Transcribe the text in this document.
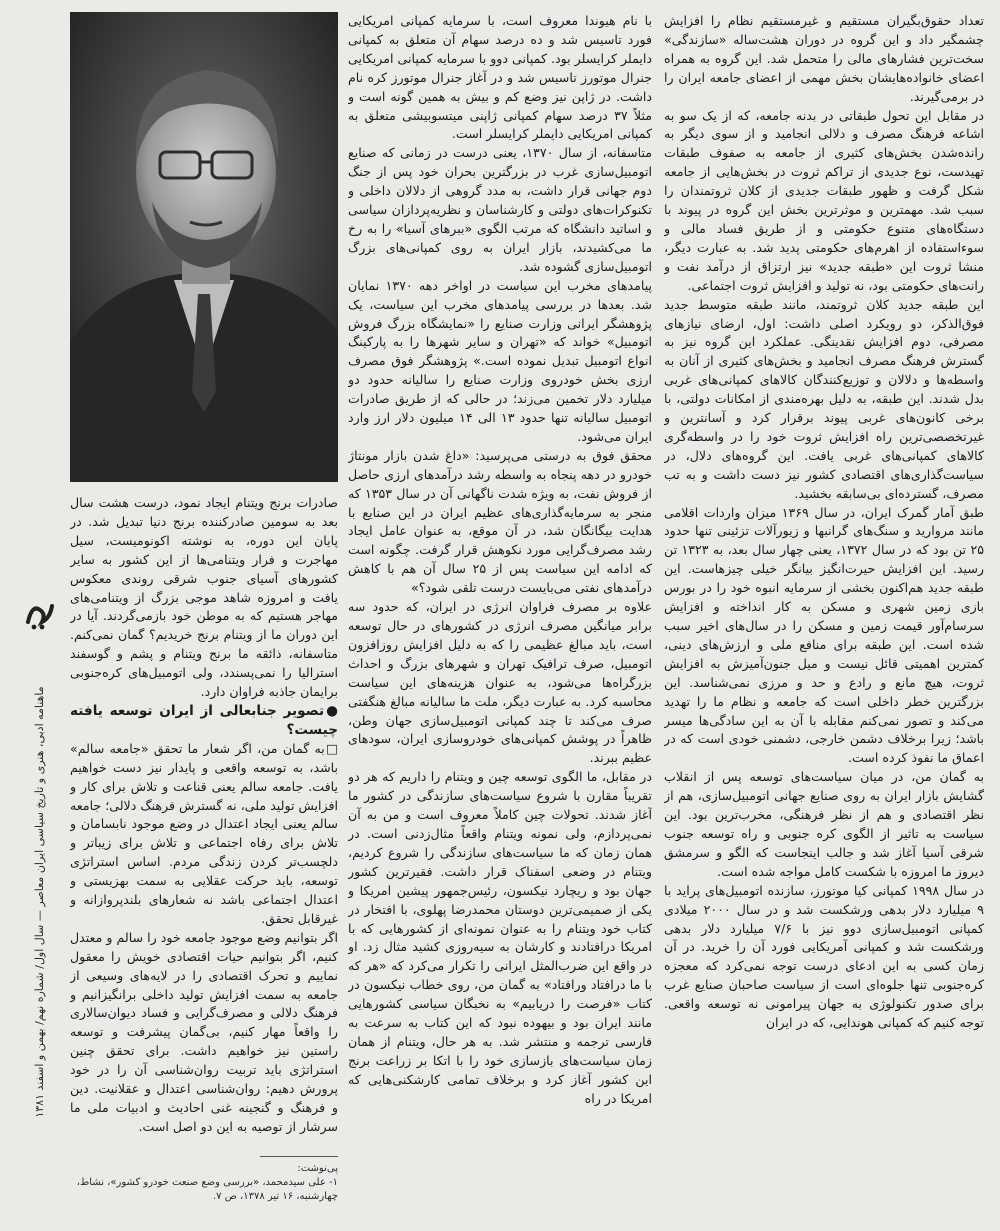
تعداد حقوق‌بگیران مستقیم و غیرمستقیم نظام را افزایش چشمگیر داد و این گروه در دوران هشت‌ساله «سازندگی» سخت‌ترین فشارهای مالی را متحمل شد. این گروه به همراه اعضای خانواده‌هایشان بخش مهمی از اعضای جامعه ایران را در برمی‌گیرند.

در مقابل این تحول طبقاتی در بدنه جامعه، که از یک سو به اشاعه فرهنگ مصرف و دلالی انجامید و از سوی دیگر به رانده‌شدن بخش‌های کثیری از جامعه به صفوف طبقات تهیدست، نوع جدیدی از تراکم ثروت در بخش‌هایی از جامعه شکل گرفت و ظهور طبقات جدیدی از کلان ثروتمندان را سبب شد. مهمترین و موثرترین بخش این گروه در پیوند با دستگاه‌های متنوع حکومتی و از طریق فساد مالی و سوءاستفاده از اهرم‌های حکومتی پدید شد. به عبارت دیگر، منشا ثروت این «طبقه جدید» نیز ارتزاق از درآمد نفت و رانت‌های حکومتی بود، نه تولید و افزایش ثروت اجتماعی.

این طبقه جدید کلان ثروتمند، مانند طبقه متوسط جدید فوق‌الذکر، دو رویکرد اصلی داشت: اول، ارضای نیازهای مصرفی، دوم افزایش نقدینگی. عملکرد این گروه نیز به گسترش فرهنگ مصرف انجامید و بخش‌های کثیری از آنان به واسطه‌ها و دلالان و توزیع‌کنندگان کالاهای کمپانی‌های غربی بدل شدند. این طبقه، به دلیل بهره‌مندی از امکانات دولتی، با برخی کانون‌های غربی پیوند برقرار کرد و آسانترین و غیرتخصصی‌ترین راه افزایش ثروت خود را در واسطه‌گری کالاهای کمپانی‌های غربی یافت. این گروه‌های دلال، در سیاست‌گذاری‌های اقتصادی کشور نیز دست داشت و به تب مصرف، گسترده‌ای بی‌سابقه بخشید.

طبق آمار گمرک ایران، در سال ۱۳۶۹ میزان واردات اقلامی مانند مروارید و سنگ‌های گرانبها و زیورآلات تزئینی تنها حدود ۲۵ تن بود که در سال ۱۳۷۲، یعنی چهار سال بعد، به ۱۳۲۳ تن رسید. این افزایش حیرت‌انگیز بیانگر خیلی چیزهاست. این طبقه جدید هم‌اکنون بخشی از سرمایه انبوه خود را در بورس بازی زمین شهری و مسکن به کار انداخته و افزایش سرسام‌آور قیمت زمین و مسکن را در سال‌های اخیر سبب شده است. این طبقه برای منافع ملی و ارزش‌های دینی، کمترین اهمیتی قائل نیست و میل جنون‌آمیزش به افزایش ثروت، هیچ مانع و رادع و حد و مرزی نمی‌شناسد. این بزرگترین خطر داخلی است که جامعه و نظام ما را تهدید می‌کند و تصور نمی‌کنم مقابله با آن به این سادگی‌ها میسر باشد؛ زیرا برخلاف دشمن خارجی، دشمنی خودی است که در اعماق ما نفوذ کرده است.

به گمان من، در میان سیاست‌های توسعه پس از انقلاب گشایش بازار ایران به روی صنایع جهانی اتومبیل‌سازی، هم از نظر اقتصادی و هم از نظر فرهنگی، مخرب‌ترین بود. این سیاست به تاثیر از الگوی کره جنوبی و راه توسعه جنوب شرقی آسیا آغاز شد و جالب اینجاست که الگو و سرمشق دیروز ما امروزه با شکست کامل مواجه شده است.

در سال ۱۹۹۸ کمپانی کیا موتورز، سازنده اتومبیل‌های پراید با ۹ میلیارد دلار بدهی ورشکست شد و در سال ۲۰۰۰ میلادی کمپانی اتومبیل‌سازی دوو نیز با ۷/۶ میلیارد دلار بدهی ورشکست شد و کمپانی آمریکایی فورد آن را خرید. در آن زمان کسی به این ادعای درست توجه نمی‌کرد که معجزه کره‌جنوبی تنها جلوه‌ای است از سیاست صاحبان صنایع غرب برای صدور تکنولوژی به جهان پیرامونی نه توسعه واقعی. توجه کنیم که کمپانی هوندایی، که در ایران

با نام هیوندا معروف است، با سرمایه کمپانی امریکایی فورد تاسیس شد و ده درصد سهام آن متعلق به کمپانی دایملر کرایسلر بود. کمپانی دوو با سرمایه کمپانی امریکایی جنرال موتورز تاسیس شد و در آغاز جنرال موتورز کره نام داشت. در ژاپن نیز وضع کم و بیش به همین گونه است و مثلاً ۳۷ درصد سهام کمپانی ژاپنی میتسوبیشی متعلق به کمپانی امریکایی دایملر کرایسلر است.

متاسفانه، از سال ۱۳۷۰، یعنی درست در زمانی که صنایع اتومبیل‌سازی غرب در بزرگترین بحران خود پس از جنگ دوم جهانی قرار داشت، به مدد گروهی از دلالان داخلی و تکنوکرات‌های دولتی و کارشناسان و نظریه‌پردازان سیاسی و اساتید دانشگاه که مرتب الگوی «ببرهای آسیا» را به رخ ما می‌کشیدند، بازار ایران به روی کمپانی‌های بزرگ اتومبیل‌سازی گشوده شد.

پیامدهای مخرب این سیاست در اواخر دهه ۱۳۷۰ نمایان شد. بعدها در بررسی پیامدهای مخرب این سیاست، یک پژوهشگر ایرانی وزارت صنایع را «نمایشگاه بزرگ فروش اتومبیل» خواند که «تهران و سایر شهرها را به پارکینگ انواع اتومبیل تبدیل نموده است.» پژوهشگر فوق مصرف ارزی بخش خودروی وزارت صنایع را سالیانه حدود دو میلیارد دلار تخمین می‌زند؛ در حالی که از طریق صادرات اتومبیل سالیانه تنها حدود ۱۳ الی ۱۴ میلیون دلار ارز وارد ایران می‌شود.

محقق فوق به درستی می‌پرسید: «داغ شدن بازار مونتاژ خودرو در دهه پنجاه به واسطه رشد درآمدهای ارزی حاصل از فروش نفت، به ویژه شدت ناگهانی آن در سال ۱۳۵۳ که منجر به سرمایه‌گذاری‌های عظیم ایران در این صنایع با هدایت بیگانگان شد، در آن موقع، به عنوان عامل ایجاد رشد مصرف‌گرایی مورد نکوهش قرار گرفت. چگونه است که ادامه این سیاست پس از ۲۵ سال آن هم با کاهش درآمدهای نفتی می‌بایست درست تلقی شود؟»

علاوه بر مصرف فراوان انرژی در ایران، که حدود سه برابر میانگین مصرف انرژی در کشورهای در حال توسعه است، باید مبالغ عظیمی را که به دلیل افزایش روزافزون اتومبیل، صرف ترافیک تهران و شهرهای بزرگ و احداث بزرگراه‌ها می‌شود، به عنوان هزینه‌های این سیاست محاسبه کرد. به عبارت دیگر، ملت ما سالیانه مبالغ هنگفتی صرف می‌کند تا چند کمپانی اتومبیل‌سازی جهان وطن، ظاهراً در پوشش کمپانی‌های خودروسازی ایران، سودهای عظیم ببرند.

در مقابل، ما الگوی توسعه چین و ویتنام را داریم که هر دو تقریباً مقارن با شروع سیاست‌های سازندگی در کشور ما آغاز شدند. تحولات چین کاملاً معروف است و من به آن نمی‌پردازم، ولی نمونه ویتنام واقعاً مثال‌زدنی است. در همان زمان که ما سیاست‌های سازندگی را شروع کردیم، ویتنام در وضعی اسفناک قرار داشت. فقیرترین کشور جهان بود و ریچارد نیکسون، رئیس‌جمهور پیشین امریکا و یکی از صمیمی‌ترین دوستان محمدرضا پهلوی، با افتخار در کتاب خود ویتنام را به عنوان نمونه‌ای از کشورهایی که با امریکا درافتادند و کارشان به سیه‌روزی کشید مثال زد. او در واقع این ضرب‌المثل ایرانی را تکرار می‌کرد که «هر که با ما درافتاد ورافتاد» به گمان من، روی خطاب نیکسون در کتاب «فرصت را دریابیم» به نخبگان سیاسی کشورهایی مانند ایران بود و بیهوده نبود که این کتاب به سرعت به فارسی ترجمه و منتشر شد. به هر حال، ویتنام از همان زمان سیاست‌های بازسازی خود را با اتکا بر زراعت برنج این کشور آغاز کرد و برخلاف تمامی کارشکنی‌هایی که امریکا در راه

صادرات برنج ویتنام ایجاد نمود، درست هشت سال بعد به سومین صادرکننده برنج دنیا تبدیل شد. در پایان این دوره، به نوشته اکونومیست، سیل مهاجرت و فرار ویتنامی‌ها از این کشور به سایر کشورهای آسیای جنوب شرقی روندی معکوس یافت و امروزه شاهد موجی بزرگ از ویتنامی‌های مهاجر هستیم که به موطن خود بازمی‌گردند. آیا در این دوران ما از ویتنام برنج خریدیم؟ گمان نمی‌کنم. متاسفانه، ذائقه ما برنج ویتنام و پشم و گوسفند استرالیا را نمی‌پسندد، ولی اتومبیل‌های کره‌جنوبی برایمان جاذبه فراوان دارد.

●تصویر جنابعالی از ایران توسعه یافته چیست؟

□به گمان من، اگر شعار ما تحقق «جامعه سالم» باشد، به توسعه واقعی و پایدار نیز دست خواهیم یافت. جامعه سالم یعنی قناعت و تلاش برای کار و افزایش تولید ملی، نه گسترش فرهنگ دلالی؛ جامعه سالم یعنی ایجاد اعتدال در وضع موجود نابسامان و تلاش برای رفاه اجتماعی و تلاش برای زیباتر و دلچسب‌تر کردن زندگی مردم. اساس استراتژی توسعه، باید حرکت عقلایی به سمت بهزیستی و اعتدال اجتماعی باشد نه شعارهای بلندپروازانه و غیرقابل تحقق.

اگر بتوانیم وضع موجود جامعه خود را سالم و معتدل کنیم، اگر بتوانیم حیات اقتصادی خویش را معقول نماییم و تحرک اقتصادی را در لایه‌های وسیعی از جامعه به سمت افزایش تولید داخلی برانگیزانیم و فرهنگ دلالی و مصرف‌گرایی و فساد دیوان‌سالاری را واقعاً مهار کنیم، بی‌گمان پیشرفت و توسعه راستین نیز خواهیم داشت. برای تحقق چنین استراتژی باید تربیت روان‌شناسی آن را در خود پرورش دهیم: روان‌شناسی اعتدال و عقلانیت. دین و فرهنگ و گنجینه غنی احادیث و ادبیات ملی ما سرشار از توصیه به این دو اصل است.

پی‌نوشت:
۱- علی سیدمحمد، «بررسی وضع صنعت خودرو کشور»، نشاط، چهارشنبه، ۱۶ تیر ۱۳۷۸، ص ۷.
ماهنامه ادبی، هنری و تاریخ سیاسی ایران معاصر — سال اول/ شماره نهم/ بهمن و اسفند ۱۳۸۱
